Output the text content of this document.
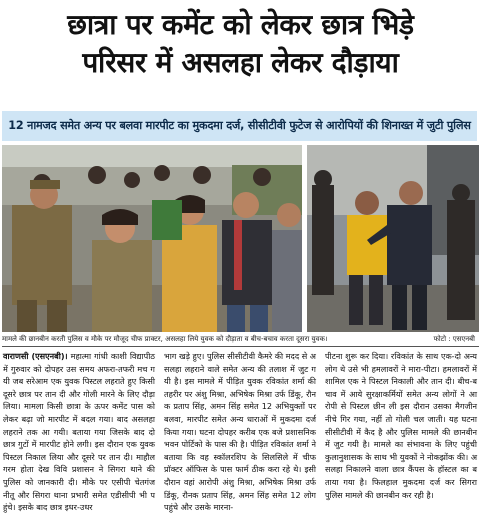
छात्रा पर कमेंट को लेकर छात्र भिड़े
परिसर में असलहा लेकर दौड़ाया
12 नामजद समेत अन्य पर बलवा मारपीट का मुकदमा दर्ज, सीसीटीवी फुटेज से आरोपियों की शिनाख्त में जुटी पुलिस
मामले की छानबीन करती पुलिस व मौके पर मौजूद चीफ प्राक्टर, असलहा लिये युवक को दौड़ाता व बीच-बचाव करता दूसरा युवक।	फोटो : एसएनबी

वाराणसी (एसएनबी)। महात्मा गांधी काशी विद्यापीठ में गुरुवार को दोपहर उस समय अफरा-तफरी मच गयी जब सरेआम एक युवक पिस्टल लहराते हुए किसी दूसरे छात्र पर तान दी और गोली मारने के लिए दौड़ा लिया। मामला किसी छात्रा के ऊपर कमेंट पास को लेकर बढ़ा जो मारपीट में बदल गया। बाद असलहा लहराने तक आ गयी। बताया गया जिसके बाद दो छात्र गुटों में मारपीट होने लगी। इस दौरान एक युवक पिस्टल निकाल लिया और दूसरे पर तान दी। माहौल गरम होता देख विवि प्रशासन ने सिगरा थाने की पुलिस को जानकारी दी। मौके पर एसीपी चेतगंज नीतू और सिगरा थाना प्रभारी समेत एडीसीपी भी पहुंचे। इसके बाद छात्र इधर-उधर

भाग खड़े हुए। पुलिस सीसीटीवी कैमरे की मदद से असलहा लहराने वाले समेत अन्य की तलाश में जुट गयी है। इस मामले में पीड़ित युवक रविकांत शर्मा की तहरीर पर अंशु मिश्रा, अभिषेक मिश्रा उर्फ डिंकू, रौनक प्रताप सिंह, अमन सिंह समेत 12 अभियुक्तों पर बलवा, मारपीट समेत अन्य धाराओं में मुकदमा दर्ज किया गया। घटना दोपहर करीब एक बजे प्रशासनिक भवन पोर्टिको के पास की है। पीड़ित रविकांत शर्मा ने बताया कि वह स्कॉलरशिप के सिलसिले में चीफ प्रॉक्टर ऑफिस के पास फार्म ठीक करा रहे थे। इसी दौरान वहां आरोपी अंशु मिश्रा, अभिषेक मिश्रा उर्फ डिंकू, रौनक प्रताप सिंह, अमन सिंह समेत 12 लोग पहुंचे और उसके मारना-

पीटना शुरू कर दिया। रविकांत के साथ एक-दो अन्य लोग थे उसे भी हमलावरों ने मारा-पीटा। हमलावरों में शामिल एक ने पिस्टल निकाली और तान दी। बीच-बचाव में आये सुरक्षाकर्मियों समेत अन्य लोगों ने आरोपी से पिस्टल छीन ली इस दौरान उसका मैगजीन नीचे गिर गया, नहीं तो गोली चल जाती। यह घटना सीसीटीवी में कैद है और पुलिस मामले की छानबीन में जुट गयी है। मामले का संभावना के लिए पहुंची कुलानुशासक के साथ भी युवकों ने नोकझोंक की। असलहा निकालने वाला छात्र कैंपस के हॉस्टल का बताया गया है। फिलहाल मुकदमा दर्ज कर सिगरा पुलिस मामले की छानबीन कर रही है।
